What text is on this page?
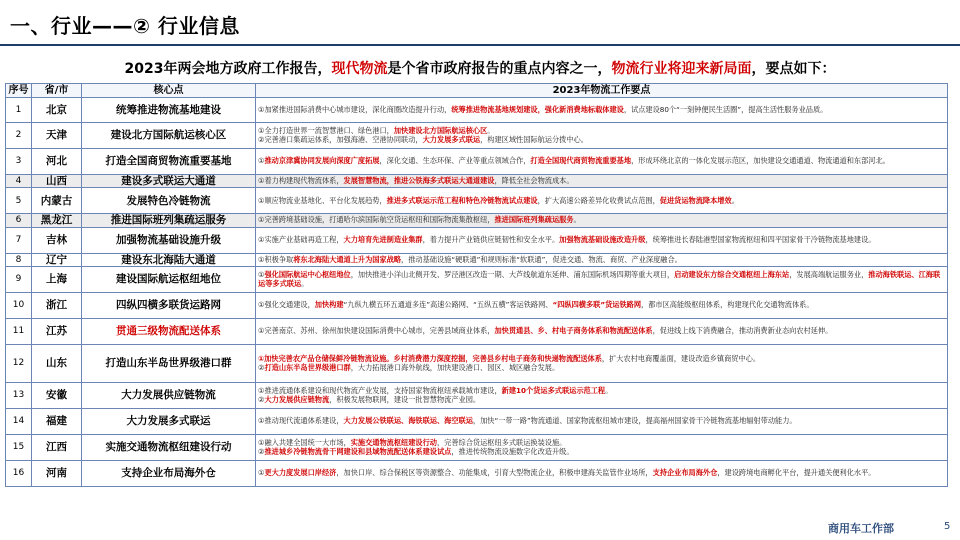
一、行业——② 行业信息
2023年两会地方政府工作报告，现代物流是个省市政府报告的重点内容之一，物流行业将迎来新局面，要点如下：
序号	省/市	核心点	2023年物流工作要点
1	北京	统筹推进物流基地建设	①加紧推进国际消费中心城市建设，深化商圈改造提升行动，统筹推进物流基地规划建设，强化新消费地标载体建设，试点建设80个“一刻钟便民生活圈”，提高生活性服务业品质。

2	天津	建设北方国际航运核心区	①全力打造世界一流智慧港口、绿色港口，加快建设北方国际航运核心区。
②完善港口集疏运体系，加强海港、空港协同联动，大力发展多式联运，构建区域性国际航运分拨中心。

3	河北	打造全国商贸物流重要基地	①推动京津冀协同发展向深度广度拓展，深化交通、生态环保、产业等重点领域合作，打造全国现代商贸物流重要基地，形成环绕北京的一体化发展示范区，加快建设交通通道、物流通道和东部河北。

4	山西	建设多式联运大通道	①着力构建现代物流体系，发展智慧物流，推进公铁海多式联运大通道建设，降低全社会物流成本。

5	内蒙古	发展特色冷链物流	①顺应物流业基地化、平台化发展趋势，推进多式联运示范工程和特色冷链物流试点建设，扩大高速公路差异化收费试点范围，促进货运物流降本增效。

6	黑龙江	推进国际班列集疏运服务	①完善跨境基础设施，打通哈尔滨国际航空货运枢纽和国际物流集散枢纽，推进国际班列集疏运服务。

7	吉林	加强物流基础设施升级	①实施产业基础再造工程，大力培育先进制造业集群，着力提升产业链供应链韧性和安全水平。加强物流基础设施改造升级，统筹推进长春陆港型国家物流枢纽和四平国家骨干冷链物流基地建设。

8	辽宁	建设东北海陆大通道	①积极争取将东北海陆大通道上升为国家战略，推动基础设施“硬联通”和规则标准“软联通”，促进交通、物流、商贸、产业深度融合。

9	上海	建设国际航运枢纽地位	①强化国际航运中心枢纽地位，加快推进小洋山北侧开发、罗泾港区改造一期、大芦线航道东延伸、浦东国际机场四期等重大项目，启动建设东方综合交通枢纽上海东站，发展高端航运服务业，推动海铁联运、江海联运等多式联运。

10	浙江	四纵四横多联货运路网	①强化交通建设，加快构建“九纵九横五环五通道多连”高速公路网、“五纵五横”客运铁路网、“四纵四横多联”货运铁路网，都市区高能级枢纽体系，构建现代化交通物流体系。

11	江苏	贯通三级物流配送体系	①完善南京、苏州、徐州加快建设国际消费中心城市，完善县域商业体系，加快贯通县、乡、村电子商务体系和物流配送体系，促进线上线下消费融合，推动消费新业态向农村延伸。

12	山东	打造山东半岛世界级港口群	①加快完善农产品仓储保鲜冷链物流设施。乡村消费潜力深度挖掘，完善县乡村电子商务和快递物流配送体系，扩大农村电商覆盖面，建设改造乡镇商贸中心。
②打造山东半岛世界级港口群，大力拓展港口海外航线，加快建设港口、园区、城区融合发展。

13	安徽	大力发展供应链物流	①推进流通体系建设和现代物流产业发展，支持国家物流枢纽承载城市建设，新建10个货运多式联运示范工程。
②大力发展供应链物流，积极发展物联网，建设一批智慧物流产业园。

14	福建	大力发展多式联运	①推动现代流通体系建设，大力发展公铁联运、海铁联运、海空联运，加快“一带一路”物流通道、国家物流枢纽城市建设，提高福州国家骨干冷链物流基地辐射带动能力。

15	江西	实施交通物流枢纽建设行动	①融入共建全国统一大市场，实施交通物流枢纽建设行动，完善综合货运枢纽多式联运换装设施。
②推进城乡冷链物流骨干网建设和县域物流配送体系建设试点，推进传统物流设施数字化改造升级。

16	河南	支持企业布局海外仓	①更大力度发展口岸经济，加快口岸、综合保税区等资源整合、功能集成，引育大型物流企业，积极申建海关监管作业场所，支持企业布局海外仓，建设跨境电商孵化平台，提升通关便利化水平。
商用车工作部	5
